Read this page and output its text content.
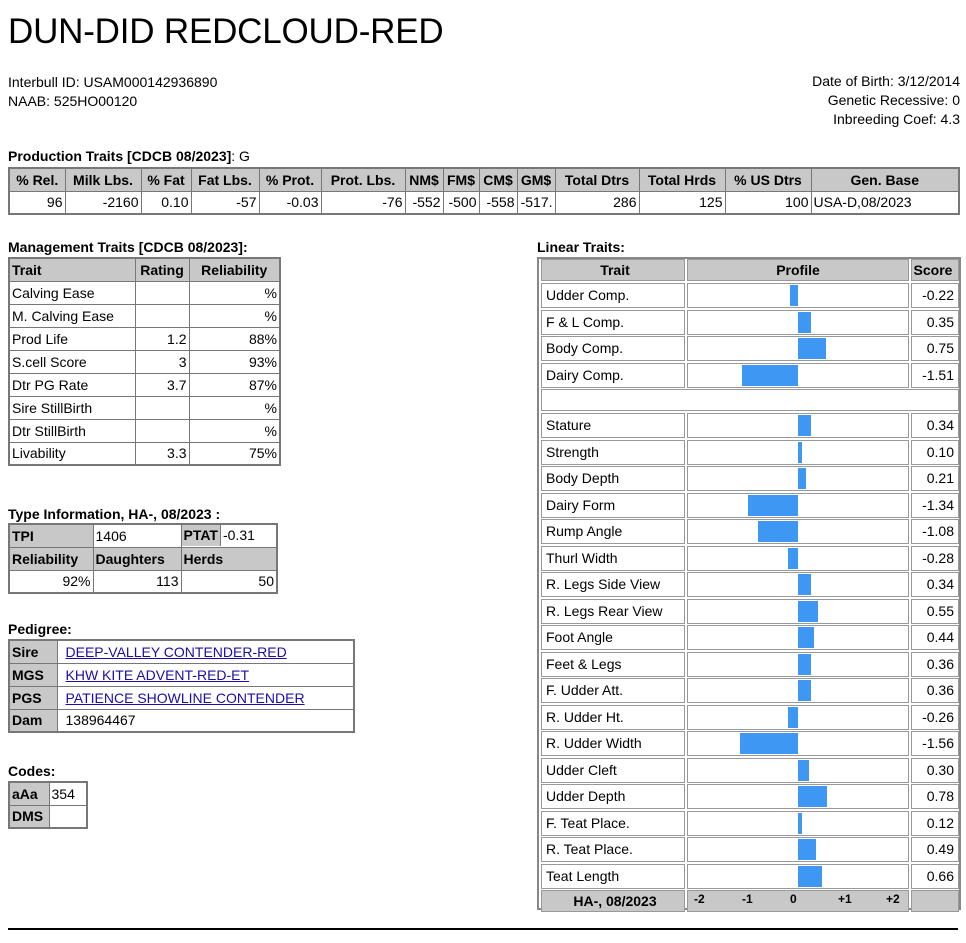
DUN-DID REDCLOUD-RED
Interbull ID: USAM000142936890
NAAB: 525HO00120
Date of Birth: 3/12/2014
Genetic Recessive: 0
Inbreeding Coef: 4.3
Production Traits [CDCB 08/2023]: G
% Rel.	Milk Lbs.	% Fat	Fat Lbs.	% Prot.	Prot. Lbs.	NM$	FM$	CM$	GM$	Total Dtrs	Total Hrds	% US Dtrs	Gen. Base
96	-2160	0.10	-57	-0.03	-76	-552	-500	-558	-517.	286	125	100	USA-D,08/2023
Management Traits [CDCB 08/2023]:
Trait	Rating	Reliability
Calving Ease		%
M. Calving Ease		%
Prod Life	1.2	88%
S.cell Score	3	93%
Dtr PG Rate	3.7	87%
Sire StillBirth		%
Dtr StillBirth		%
Livability	3.3	75%
Type Information, HA-, 08/2023 :
TPI	1406	PTAT -0.31
Reliability	Daughters	Herds
92%	113	50
Pedigree:
Sire	DEEP-VALLEY CONTENDER-RED
MGS	KHW KITE ADVENT-RED-ET
PGS	PATIENCE SHOWLINE CONTENDER
Dam	138964467
Codes:
aAa	354
DMS	
Linear Traits:
Trait	Profile	Score
Udder Comp.	-0.22
F & L Comp.	0.35
Body Comp.	0.75
Dairy Comp.	-1.51
Stature	0.34
Strength	0.10
Body Depth	0.21
Dairy Form	-1.34
Rump Angle	-1.08
Thurl Width	-0.28
R. Legs Side View	0.34
R. Legs Rear View	0.55
Foot Angle	0.44
Feet & Legs	0.36
F. Udder Att.	0.36
R. Udder Ht.	-0.26
R. Udder Width	-1.56
Udder Cleft	0.30
Udder Depth	0.78
F. Teat Place.	0.12
R. Teat Place.	0.49
Teat Length	0.66
HA-, 08/2023	-2	-1	0	+1	+2
